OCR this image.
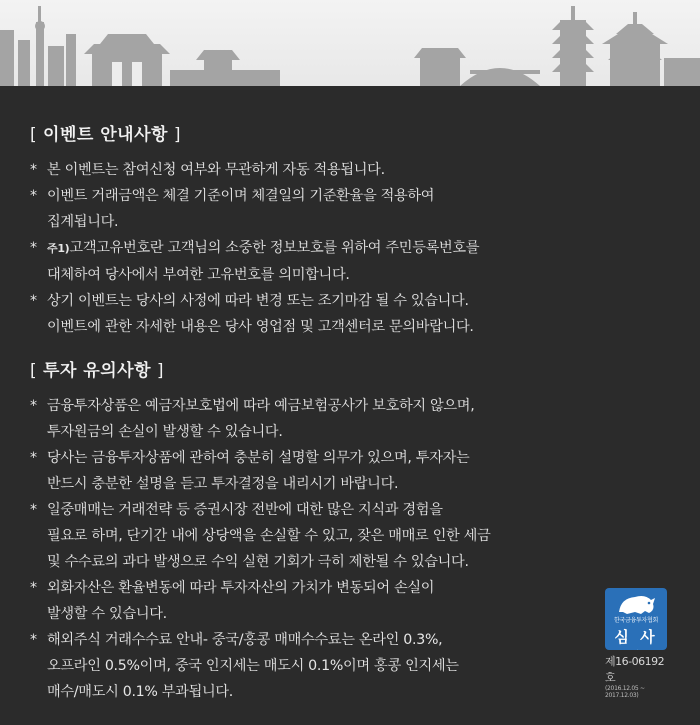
[ 이벤트 안내사항 ]
* 본 이벤트는 참여신청 여부와 무관하게 자동 적용됩니다.
* 이벤트 거래금액은 체결 기준이며 체결일의 기준환율을 적용하여
집계됩니다.
* 주1)고객고유번호란 고객님의 소중한 정보보호를 위하여 주민등록번호를
대체하여 당사에서 부여한 고유번호를 의미합니다.
* 상기 이벤트는 당사의 사정에 따라 변경 또는 조기마감 될 수 있습니다.
이벤트에 관한 자세한 내용은 당사 영업점 및 고객센터로 문의바랍니다.
[ 투자 유의사항 ]
* 금융투자상품은 예금자보호법에 따라 예금보험공사가 보호하지 않으며,
투자원금의 손실이 발생할 수 있습니다.
* 당사는 금융투자상품에 관하여 충분히 설명할 의무가 있으며, 투자자는
반드시 충분한 설명을 듣고 투자결정을 내리시기 바랍니다.
* 일중매매는 거래전략 등 증권시장 전반에 대한 많은 지식과 경험을
필요로 하며, 단기간 내에 상당액을 손실할 수 있고, 잦은 매매로 인한 세금
및 수수료의 과다 발생으로 수익 실현 기회가 극히 제한될 수 있습니다.
* 외화자산은 환율변동에 따라 투자자산의 가치가 변동되어 손실이
발생할 수 있습니다.
* 해외주식 거래수수료 안내- 중국/홍콩 매매수수료는 온라인 0.3%,
오프라인 0.5%이며, 중국 인지세는 매도시 0.1%이며 홍콩 인지세는
매수/매도시 0.1% 부과됩니다.
한국금융투자협회
심 사
제16-06192호
(2016.12.05 ~ 2017.12.03)
